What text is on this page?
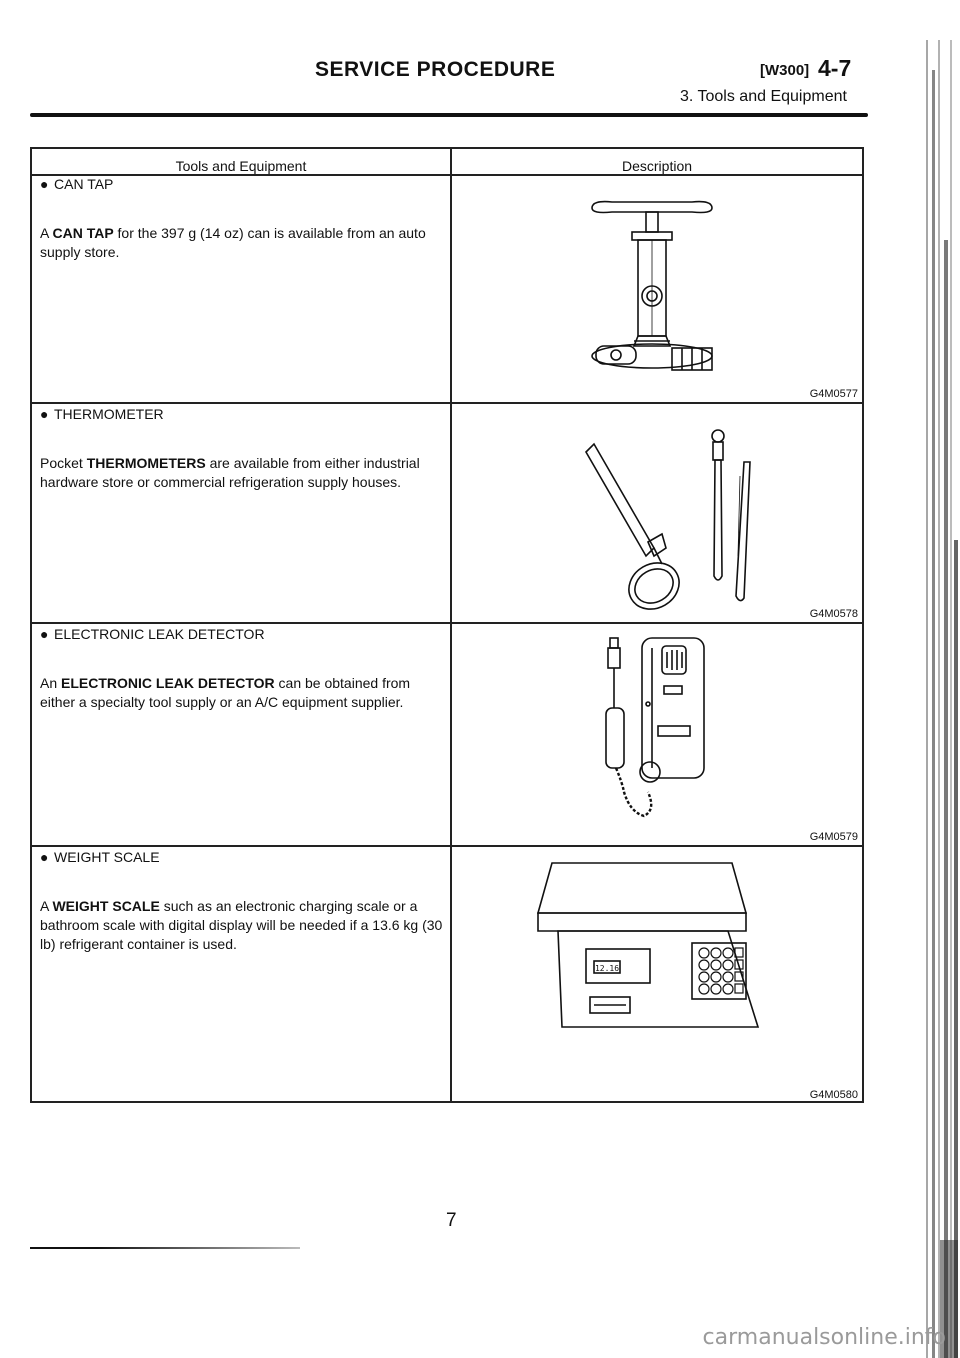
SERVICE PROCEDURE	[W300] 4-7
3. Tools and Equipment
Tools and Equipment	Description
● CAN TAP
A CAN TAP for the 397 g (14 oz) can is available from an auto supply store.
G4M0577
● THERMOMETER
Pocket THERMOMETERS are available from either industrial hardware store or commercial refrigeration supply houses.
G4M0578
● ELECTRONIC LEAK DETECTOR
An ELECTRONIC LEAK DETECTOR can be obtained from either a specialty tool supply or an A/C equipment supplier.
G4M0579
● WEIGHT SCALE
A WEIGHT SCALE such as an electronic charging scale or a bathroom scale with digital display will be needed if a 13.6 kg (30 lb) refrigerant container is used.
12.16
G4M0580
7
carmanualsonline.info
